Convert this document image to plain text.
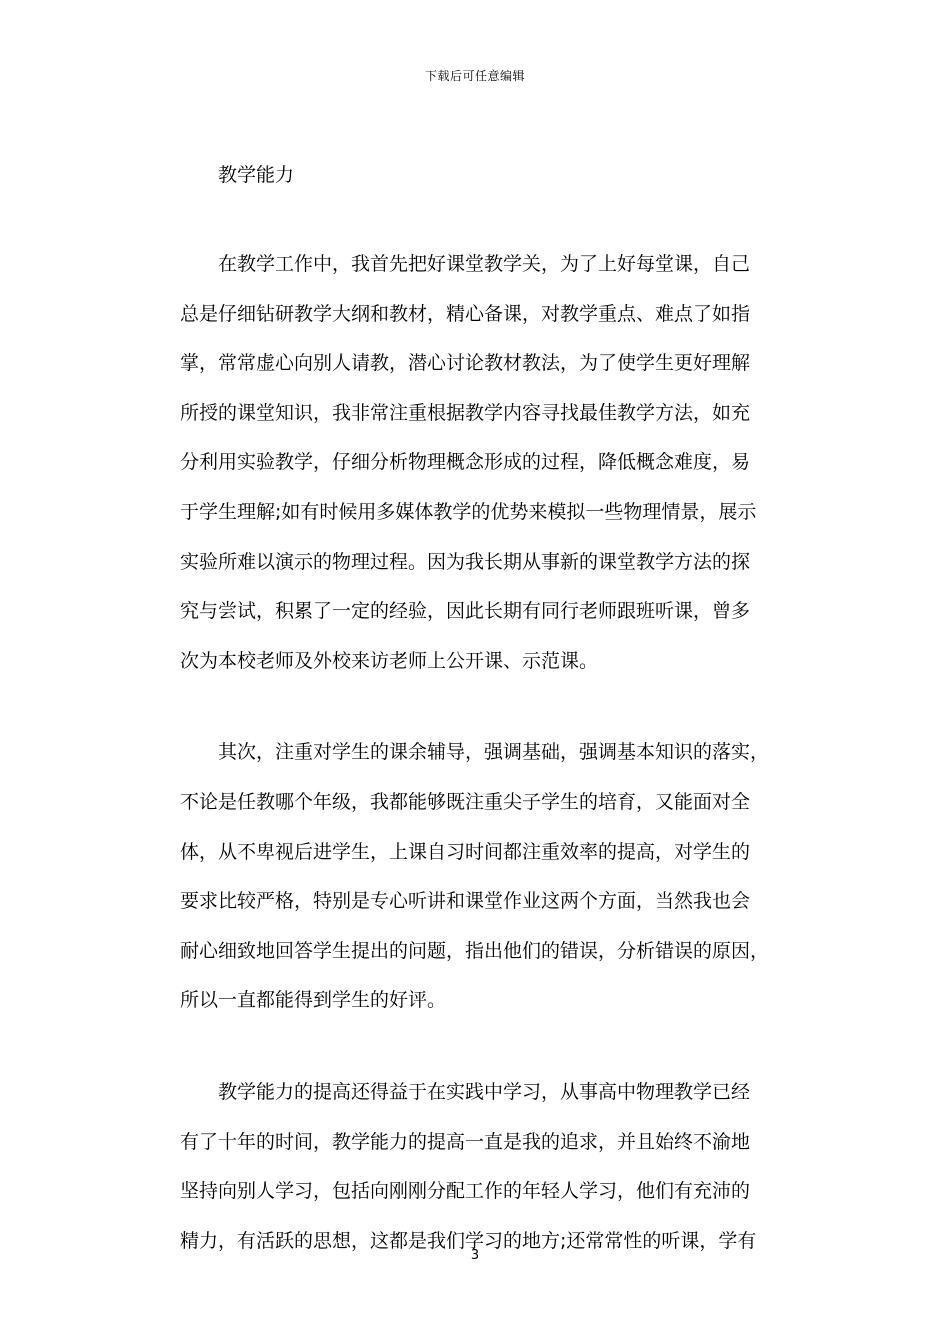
下载后可任意编辑
教学能力

在教学工作中，我首先把好课堂教学关，为了上好每堂课，自己
总是仔细钻研教学大纲和教材，精心备课，对教学重点、难点了如指
掌，常常虚心向别人请教，潜心讨论教材教法，为了使学生更好理解
所授的课堂知识，我非常注重根据教学内容寻找最佳教学方法，如充
分利用实验教学，仔细分析物理概念形成的过程，降低概念难度，易
于学生理解;如有时候用多媒体教学的优势来模拟一些物理情景，展示
实验所难以演示的物理过程。因为我长期从事新的课堂教学方法的探
究与尝试，积累了一定的经验，因此长期有同行老师跟班听课，曾多
次为本校老师及外校来访老师上公开课、示范课。

其次，注重对学生的课余辅导，强调基础，强调基本知识的落实，
不论是任教哪个年级，我都能够既注重尖子学生的培育，又能面对全
体，从不卑视后进学生，上课自习时间都注重效率的提高，对学生的
要求比较严格，特别是专心听讲和课堂作业这两个方面，当然我也会
耐心细致地回答学生提出的问题，指出他们的错误，分析错误的原因，
所以一直都能得到学生的好评。

教学能力的提高还得益于在实践中学习，从事高中物理教学已经
有了十年的时间，教学能力的提高一直是我的追求，并且始终不渝地
坚持向别人学习，包括向刚刚分配工作的年轻人学习，他们有充沛的
精力，有活跃的思想，这都是我们学习的地方;还常常性的听课，学有

3
